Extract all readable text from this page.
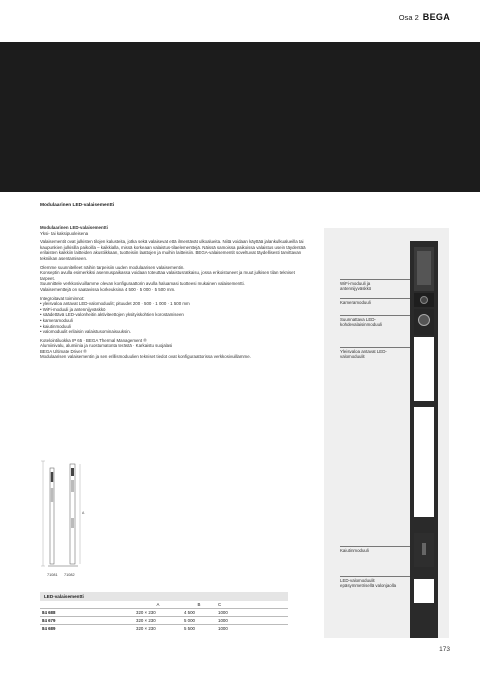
Osa 2 BEGA
Modulaarinen LED-valaisementti

Modulaarinen LED-valaisementti

Yksi- tai kaksipuoleisena

Valaisementit ovat julkisten tilojen kalusteita, jotka sekä valaisevat että ilmentävät ulkoalueita. Niitä voidaan käyttää jalankulkualueilla tai kaupunkien julkisilla paikoilla – kaikkialla, missä korkeaan valaistus-tilaelementtejä. Näissä samoissa paikoissa valaistus usein täydentää erilaisten kaikkiin laitteiden akustiikkaan, tuotteisiin laattojen ja muihin laitteisiin. BEGA-valaisementit soveltuvat täydellisesti tarvittavan tekniikan asentamiseen.

Olemme suunnitelleet näihin tarpeisiin uuden modulaarisen valaisementin.

Konseptin avulla esimerkiksi asennuspaikassa voidaan toteuttaa valaistusratkaisu, jossa erikoistuneet ja muut julkisen tilan tekniset tarpeet.

Suunnittele verkkosivuillamme olevan konfiguraattorin avulla haluamasi tuotteesi mukainen valaisementti.

Valaisementtejä on saatavissa korkeuksina 4 500 · 5 000 · 5 500 mm.

Integroitavat toiminnot:

• yleisvaloa antavat LED-valomoduulit; pituudet 200 · 500 · 1 000 · 1 500 mm
• WiFi-moduuli ja antennijyväskkö
• säädettävä LED-valonheitin aktiviteettojen yksityiskohtien korostamiseen
• kameramoduuli
• kaiutinmoduuli
• valomoduulit erilaisin valaistusominaisuuksin.

Kotelointiluokka IP 65 · BEGA Thermal Management ®

Alumiinivalu, alumiinia ja ruostumatonta terästä · Karkaistu suojalasi

BEGA Ultimate Driver ®

Modulaarisen valaisementin ja sen erillismoduulien tekniset tiedot ovat konfiguraattorissa verkkosivuillamme.

WiFi-moduuli ja antennijyväskkö
Kameramoduuli
Suunnattava LED-kohdevalaisinmoduuli
Yleisvaloa antavat LED-valomoduulit
Kaiutinmoduuli
LED-valomoduulit epäsymmetrisellä valonjaolla
A
71081 71082
LED-valaisementti
	A	B	C
84 688	320 × 230	4 500	1000
84 679	320 × 230	5 000	1000
84 689	320 × 230	5 500	1000
173
